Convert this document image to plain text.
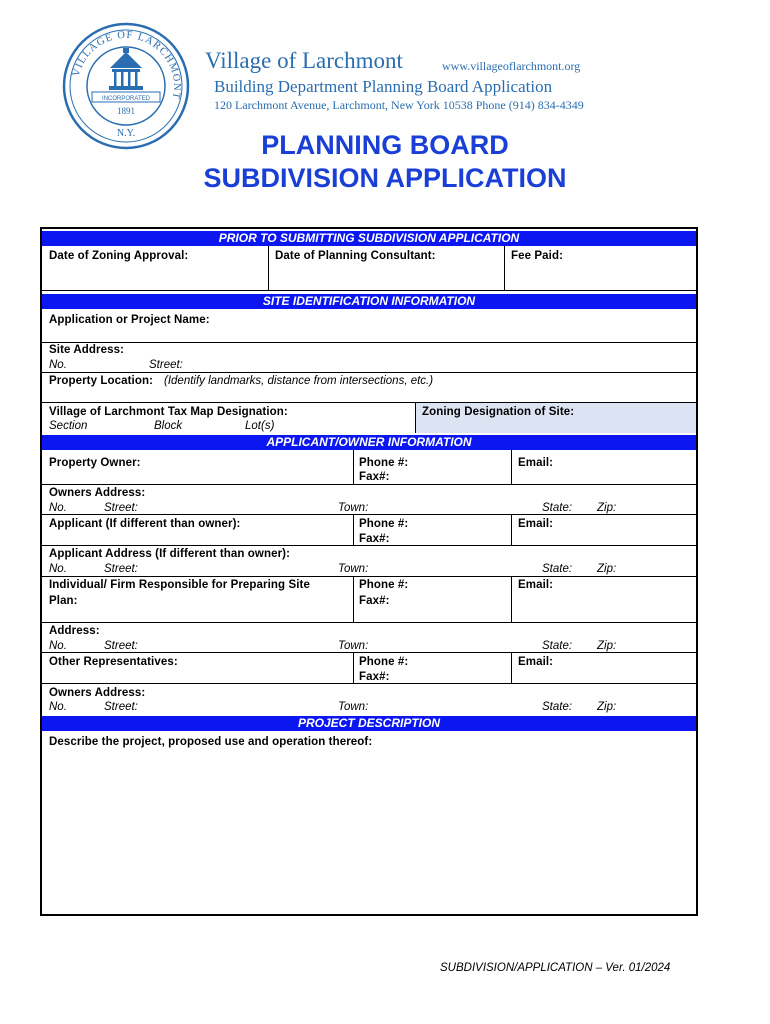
VILLAGE OF LARCHMONT
INCORPORATED
1891
N.Y.
Village of Larchmont	www.villageoflarchmont.org
Building Department Planning Board Application
120 Larchmont Avenue, Larchmont, New York 10538 Phone (914) 834-4349
PLANNING BOARD
SUBDIVISION APPLICATION
PRIOR TO SUBMITTING SUBDIVISION APPLICATION
Date of Zoning Approval:	Date of Planning Consultant:	Fee Paid:
SITE IDENTIFICATION INFORMATION
Application or Project Name:
Site Address:
No.	Street:
Property Location: (Identify landmarks, distance from intersections, etc.)
Village of Larchmont Tax Map Designation:
Section	Block	Lot(s)
Zoning Designation of Site:
APPLICANT/OWNER INFORMATION
Property Owner:	Phone #:
Fax#:
Email:
Owners Address:
No.	Street:	Town:	State: Zip:
Applicant (If different than owner):	Phone #:
Fax#:
Email:
Applicant Address (If different than owner):
No.	Street:	Town:	State: Zip:
Individual/ Firm Responsible for Preparing Site
Plan:
Phone #:
Fax#:
Email:
Address:
No.	Street:	Town:	State: Zip:
Other Representatives:	Phone #:
Fax#:
Email:
Owners Address:
No.	Street:	Town:	State: Zip:
PROJECT DESCRIPTION
Describe the project, proposed use and operation thereof:
SUBDIVISION/APPLICATION – Ver. 01/2024
